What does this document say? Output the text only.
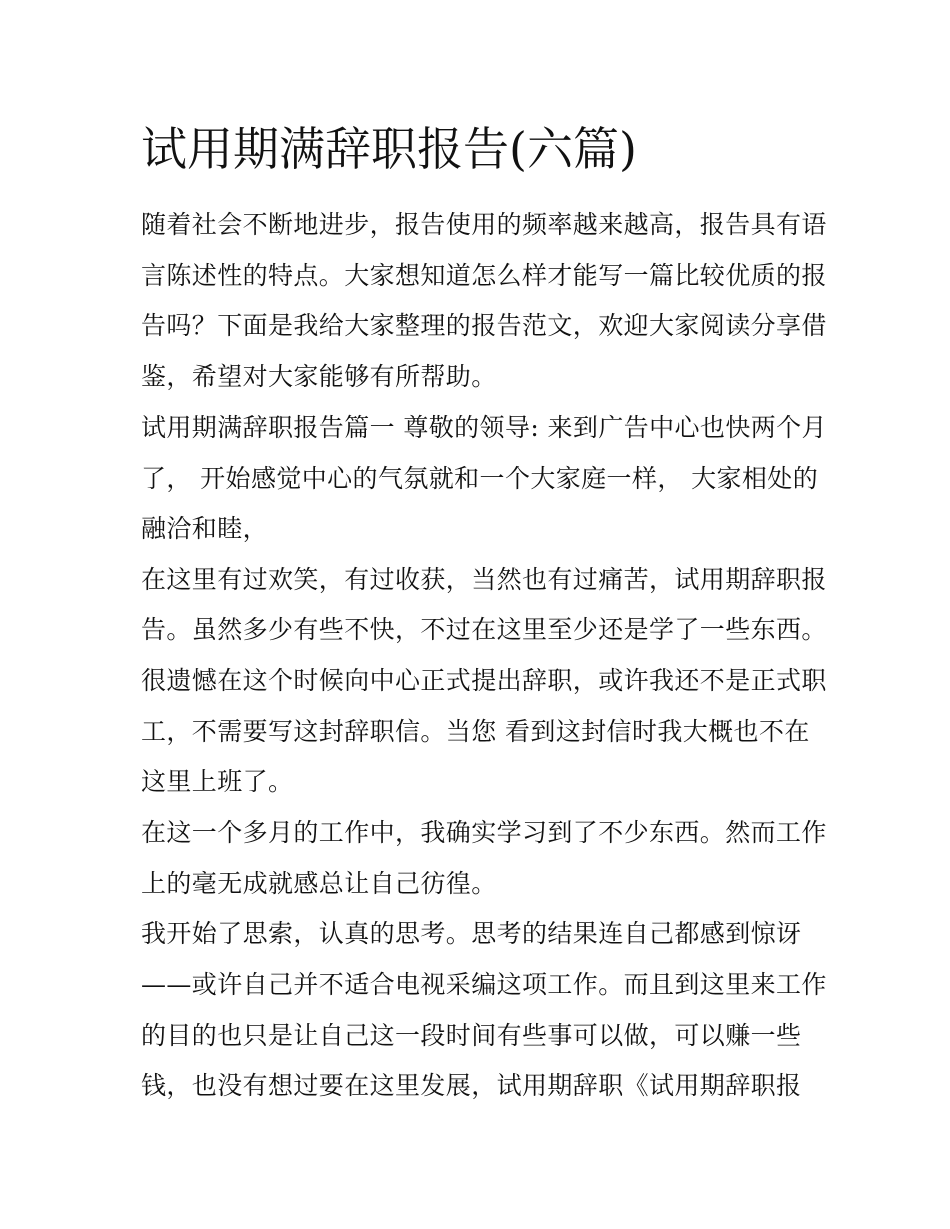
试用期满辞职报告(六篇)

随着社会不断地进步，报告使用的频率越来越高，报告具有语

言陈述性的特点。大家想知道怎么样才能写一篇比较优质的报

告吗？下面是我给大家整理的报告范文，欢迎大家阅读分享借

鉴，希望对大家能够有所帮助。

试用期满辞职报告篇一 尊敬的领导: 来到广告中心也快两个月

了， 开始感觉中心的气氛就和一个大家庭一样， 大家相处的

融洽和睦，

在这里有过欢笑，有过收获，当然也有过痛苦，试用期辞职报

告。虽然多少有些不快，不过在这里至少还是学了一些东西。

很遗憾在这个时候向中心正式提出辞职，或许我还不是正式职

工，不需要写这封辞职信。当您 看到这封信时我大概也不在

这里上班了。

在这一个多月的工作中，我确实学习到了不少东西。然而工作

上的毫无成就感总让自己彷徨。

我开始了思索，认真的思考。思考的结果连自己都感到惊讶

——或许自己并不适合电视采编这项工作。而且到这里来工作

的目的也只是让自己这一段时间有些事可以做，可以赚一些

钱，也没有想过要在这里发展，试用期辞职《试用期辞职报
